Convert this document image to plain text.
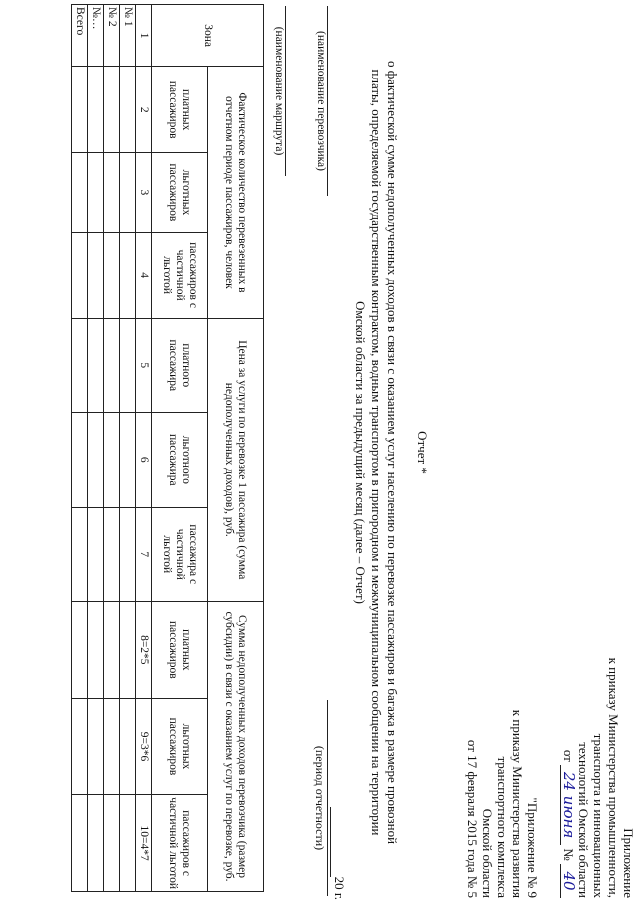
Приложение
к приказу Министерства промышленности,
транспорта и инновационных
технологий Омской области
от 24 июня № 40
"Приложение № 9
к приказу Министерства развития
транспортного комплекса
Омской области
от 17 февраля 2015 года № 5
Отчет *
о фактической сумме недополученных доходов в связи с оказанием услуг населению по перевозке пассажиров и багажа в размере провозной
платы, определяемой государственным контрактом, водным транспортом в пригородном и межмуниципальном сообщении на территории
Омской области за предыдущий месяц (далее – Отчет)
20 г.
(период отчетности)
(наименование перевозчика)
(наименование маршрута)
Зона	Фактическое количество перевезенных в отчетном периоде пассажиров, человек			Цена за услуги по перевозке 1 пассажира (сумма недополученных доходов), руб.			Сумма недополученных доходов перевозчика (размер субсидии) в связи с оказанием услуг по перевозке, руб.		
	платных пассажиров	льготных пассажиров	пассажиров с частичной льготой	платного пассажира	льготного пассажира	пассажира с частичной льготой	платных пассажиров	льготных пассажиров	пассажиров с частичной льготой
1	2	3	4	5	6	7	8=2*5	9=3*6	10=4*7
№ 1									
№ 2									
№…									
Всего									
